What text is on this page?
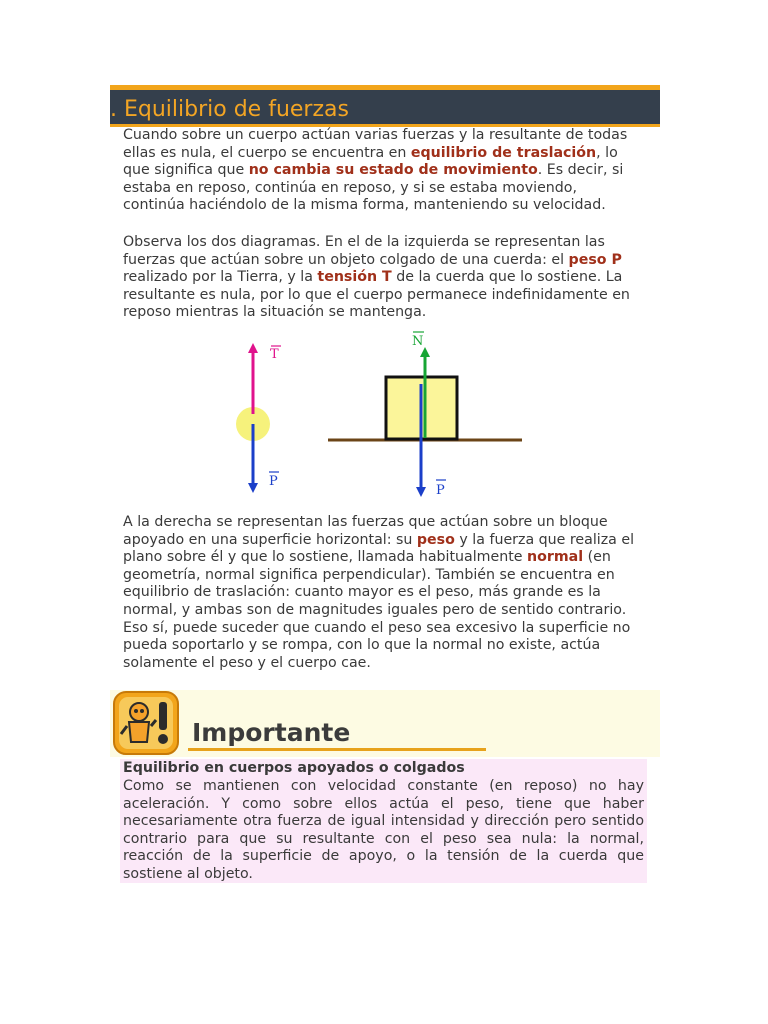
. Equilibrio de fuerzas

Cuando sobre un cuerpo actúan varias fuerzas y la resultante de todas ellas es nula, el cuerpo se encuentra en equilibrio de traslación, lo que significa que no cambia su estado de movimiento. Es decir, si estaba en reposo, continúa en reposo, y si se estaba moviendo, continúa haciéndolo de la misma forma, manteniendo su velocidad.

Observa los dos diagramas. En el de la izquierda se representan las fuerzas que actúan sobre un objeto colgado de una cuerda: el peso P realizado por la Tierra, y la tensión T de la cuerda que lo sostiene. La resultante es nula, por lo que el cuerpo permanece indefinidamente en reposo mientras la situación se mantenga.

T
P
N
P

A la derecha se representan las fuerzas que actúan sobre un bloque apoyado en una superficie horizontal: su peso y la fuerza que realiza el plano sobre él y que lo sostiene, llamada habitualmente normal (en geometría, normal significa perpendicular). También se encuentra en equilibrio de traslación: cuanto mayor es el peso, más grande es la normal, y ambas son de magnitudes iguales pero de sentido contrario. Eso sí, puede suceder que cuando el peso sea excesivo la superficie no pueda soportarlo y se rompa, con lo que la normal no existe, actúa solamente el peso y el cuerpo cae.

Importante
Equilibrio en cuerpos apoyados o colgados

Como se mantienen con velocidad constante (en reposo) no hay aceleración. Y como sobre ellos actúa el peso, tiene que haber necesariamente otra fuerza de igual intensidad y dirección pero sentido contrario para que su resultante con el peso sea nula: la normal, reacción de la superficie de apoyo, o la tensión de la cuerda que sostiene al objeto.
